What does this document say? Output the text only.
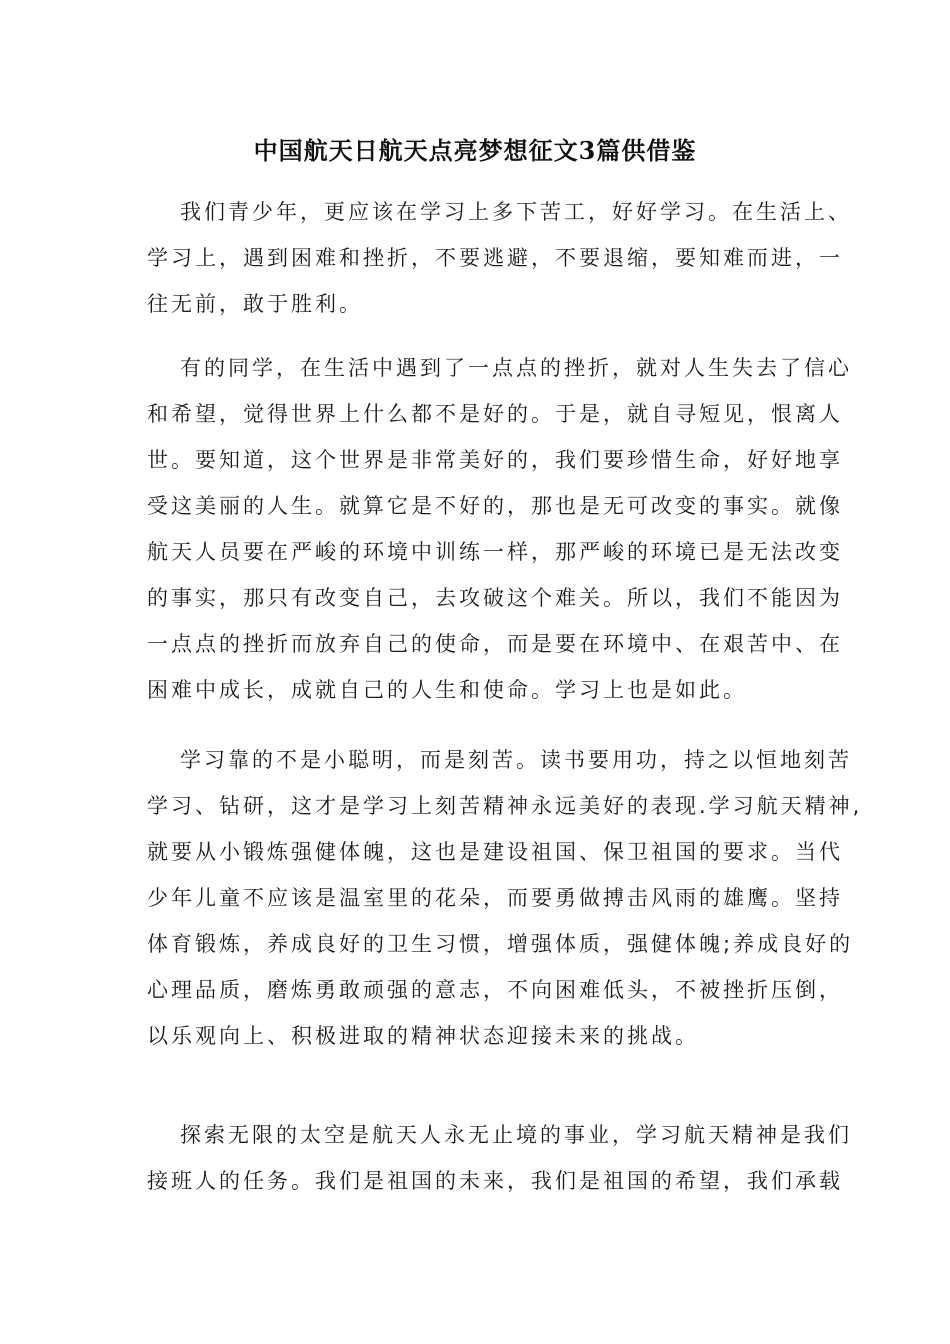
中国航天日航天点亮梦想征文3篇供借鉴
我们青少年，更应该在学习上多下苦工，好好学习。在生活上、
学习上，遇到困难和挫折，不要逃避，不要退缩，要知难而进，一
往无前，敢于胜利。
有的同学，在生活中遇到了一点点的挫折，就对人生失去了信心
和希望，觉得世界上什么都不是好的。于是，就自寻短见，恨离人
世。要知道，这个世界是非常美好的，我们要珍惜生命，好好地享
受这美丽的人生。就算它是不好的，那也是无可改变的事实。就像
航天人员要在严峻的环境中训练一样，那严峻的环境已是无法改变
的事实，那只有改变自己，去攻破这个难关。所以，我们不能因为
一点点的挫折而放弃自己的使命，而是要在环境中、在艰苦中、在
困难中成长，成就自己的人生和使命。学习上也是如此。
学习靠的不是小聪明，而是刻苦。读书要用功，持之以恒地刻苦
学习、钻研，这才是学习上刻苦精神永远美好的表现.学习航天精神,
就要从小锻炼强健体魄，这也是建设祖国、保卫祖国的要求。当代
少年儿童不应该是温室里的花朵，而要勇做搏击风雨的雄鹰。坚持
体育锻炼，养成良好的卫生习惯，增强体质，强健体魄;养成良好的
心理品质，磨炼勇敢顽强的意志，不向困难低头，不被挫折压倒，
以乐观向上、积极进取的精神状态迎接未来的挑战。
探索无限的太空是航天人永无止境的事业，学习航天精神是我们
接班人的任务。我们是祖国的未来，我们是祖国的希望，我们承载
